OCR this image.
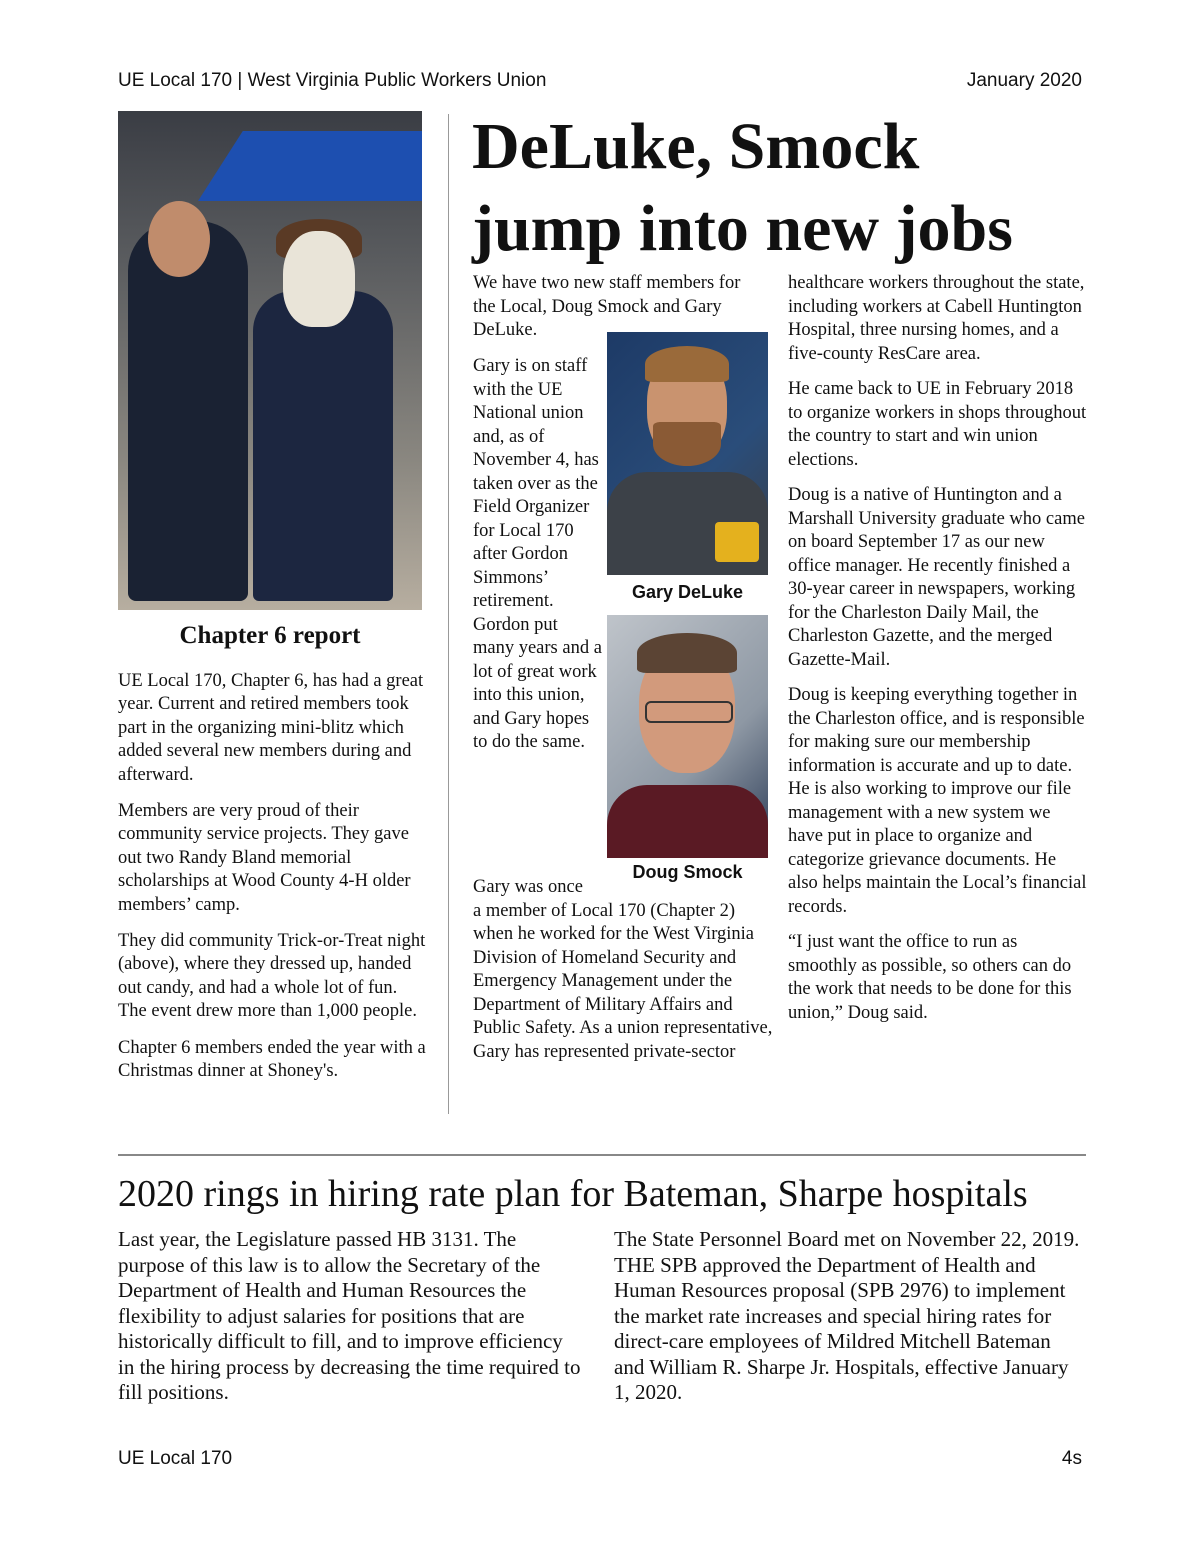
UE Local 170 | West Virginia Public Workers Union	January 2020
Chapter 6 report

UE Local 170, Chapter 6, has had a great year. Current and retired members took part in the organizing mini-blitz which added several new members during and afterward.

Members are very proud of their community service projects. They gave out two Randy Bland memorial scholarships at Wood County 4-H older members’ camp.

They did community Trick-or-Treat night (above), where they dressed up, handed out candy, and had a whole lot of fun. The event drew more than 1,000 people.

Chapter 6 members ended the year with a Christmas dinner at Shoney's.

DeLuke, Smock
jump into new jobs
We have two new staff members for the Local, Doug Smock and Gary DeLuke.
Gary is on staff with the UE National union and, as of November 4, has taken over as the Field Organizer for Local 170 after Gordon Simmons’ retirement. Gordon put many years and a lot of great work into this union, and Gary hopes to do the same.
Gary DeLuke
Doug Smock
Gary was once
a member of Local 170 (Chapter 2) when he worked for the West Virginia Division of Homeland Security and Emergency Management under the Department of Military Affairs and Public Safety. As a union representative, Gary has represented private-sector

healthcare workers throughout the state, including workers at Cabell Huntington Hospital, three nursing homes, and a five-county ResCare area.

He came back to UE in February 2018 to organize workers in shops throughout the country to start and win union elections.

Doug is a native of Huntington and a Marshall University graduate who came on board September 17 as our new office manager. He recently finished a 30-year career in newspapers, working for the Charleston Daily Mail, the Charleston Gazette, and the merged Gazette-Mail.

Doug is keeping everything together in the Charleston office, and is responsible for making sure our membership information is accurate and up to date. He is also working to improve our file management with a new system we have put in place to organize and categorize grievance documents. He also helps maintain the Local’s financial records.

“I just want the office to run as smoothly as possible, so others can do the work that needs to be done for this union,” Doug said.

2020 rings in hiring rate plan for Bateman, Sharpe hospitals
Last year, the Legislature passed HB 3131. The purpose of this law is to allow the Secretary of the Department of Health and Human Resources the flexibility to adjust salaries for positions that are historically difficult to fill, and to improve efficiency in the hiring process by decreasing the time required to fill positions.
The State Personnel Board met on November 22, 2019. THE SPB approved the Department of Health and Human Resources proposal (SPB 2976) to implement the market rate increases and special hiring rates for direct-care employees of Mildred Mitchell Bateman and William R. Sharpe Jr. Hospitals, effective January 1, 2020.
UE Local 170	4s
